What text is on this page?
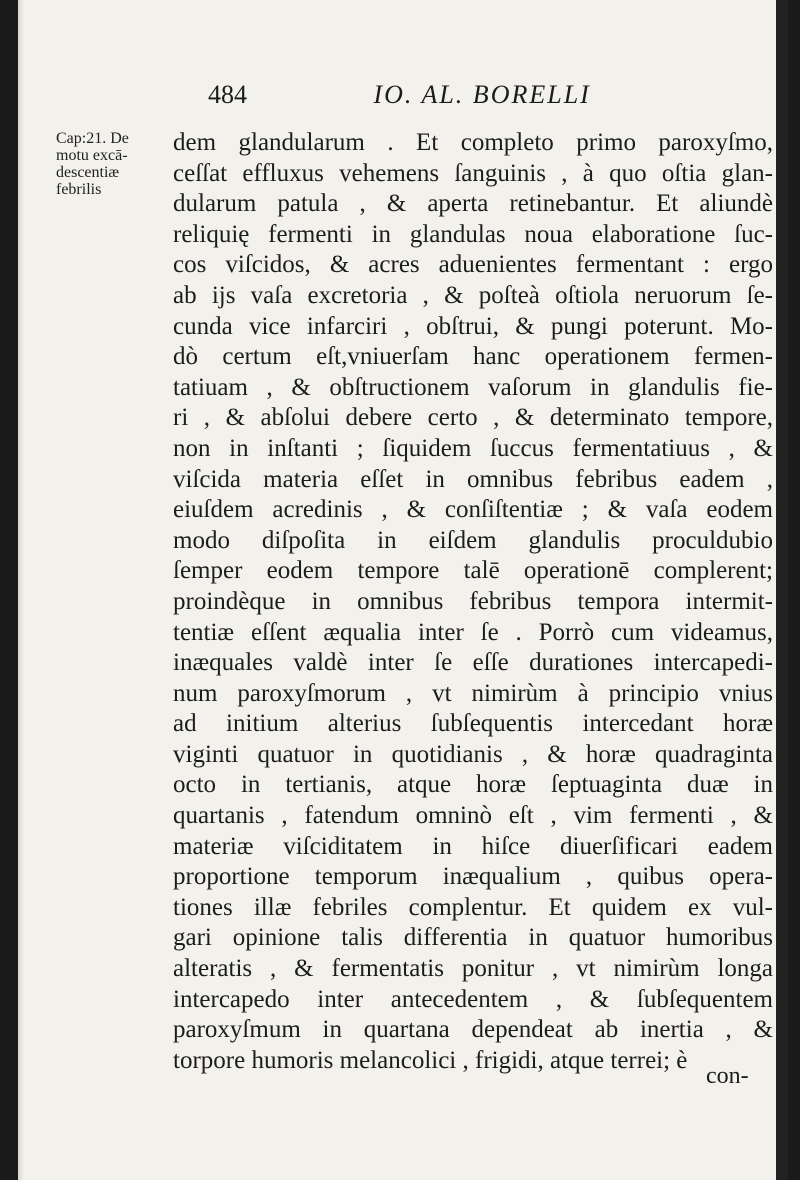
484	IO. AL. BORELLI
Cap:21. De
motu excā-
descentiæ
febrilis
dem glandularum . Et completo primo paroxyſmo,
ceſſat effluxus vehemens ſanguinis , à quo oſtia glan-
dularum patula , & aperta retinebantur. Et aliundè
reliquię fermenti in glandulas noua elaboratione ſuc-
cos viſcidos, & acres aduenientes fermentant : ergo
ab ijs vaſa excretoria , & poſteà oſtiola neruorum ſe-
cunda vice infarciri , obſtrui, & pungi poterunt. Mo-
dò certum eſt,vniuerſam hanc operationem fermen-
tatiuam , & obſtructionem vaſorum in glandulis fie-
ri , & abſolui debere certo , & determinato tempore,
non in inſtanti ; ſiquidem ſuccus fermentatiuus , &
viſcida materia eſſet in omnibus febribus eadem ,
eiuſdem acredinis , & conſiſtentiæ ; & vaſa eodem
modo diſpoſita in eiſdem glandulis proculdubio
ſemper eodem tempore talē operationē complerent;
proindèque in omnibus febribus tempora intermit-
tentiæ eſſent æqualia inter ſe . Porrò cum videamus,
inæquales valdè inter ſe eſſe durationes intercapedi-
num paroxyſmorum , vt nimirùm à principio vnius
ad initium alterius ſubſequentis intercedant horæ
viginti quatuor in quotidianis , & horæ quadraginta
octo in tertianis, atque horæ ſeptuaginta duæ in
quartanis , fatendum omninò eſt , vim fermenti , &
materiæ viſciditatem in hiſce diuerſificari eadem
proportione temporum inæqualium , quibus opera-
tiones illæ febriles complentur. Et quidem ex vul-
gari opinione talis differentia in quatuor humoribus
alteratis , & fermentatis ponitur , vt nimirùm longa
intercapedo inter antecedentem , & ſubſequentem
paroxyſmum in quartana dependeat ab inertia , &
torpore humoris melancolici , frigidi, atque terrei; è
con-
